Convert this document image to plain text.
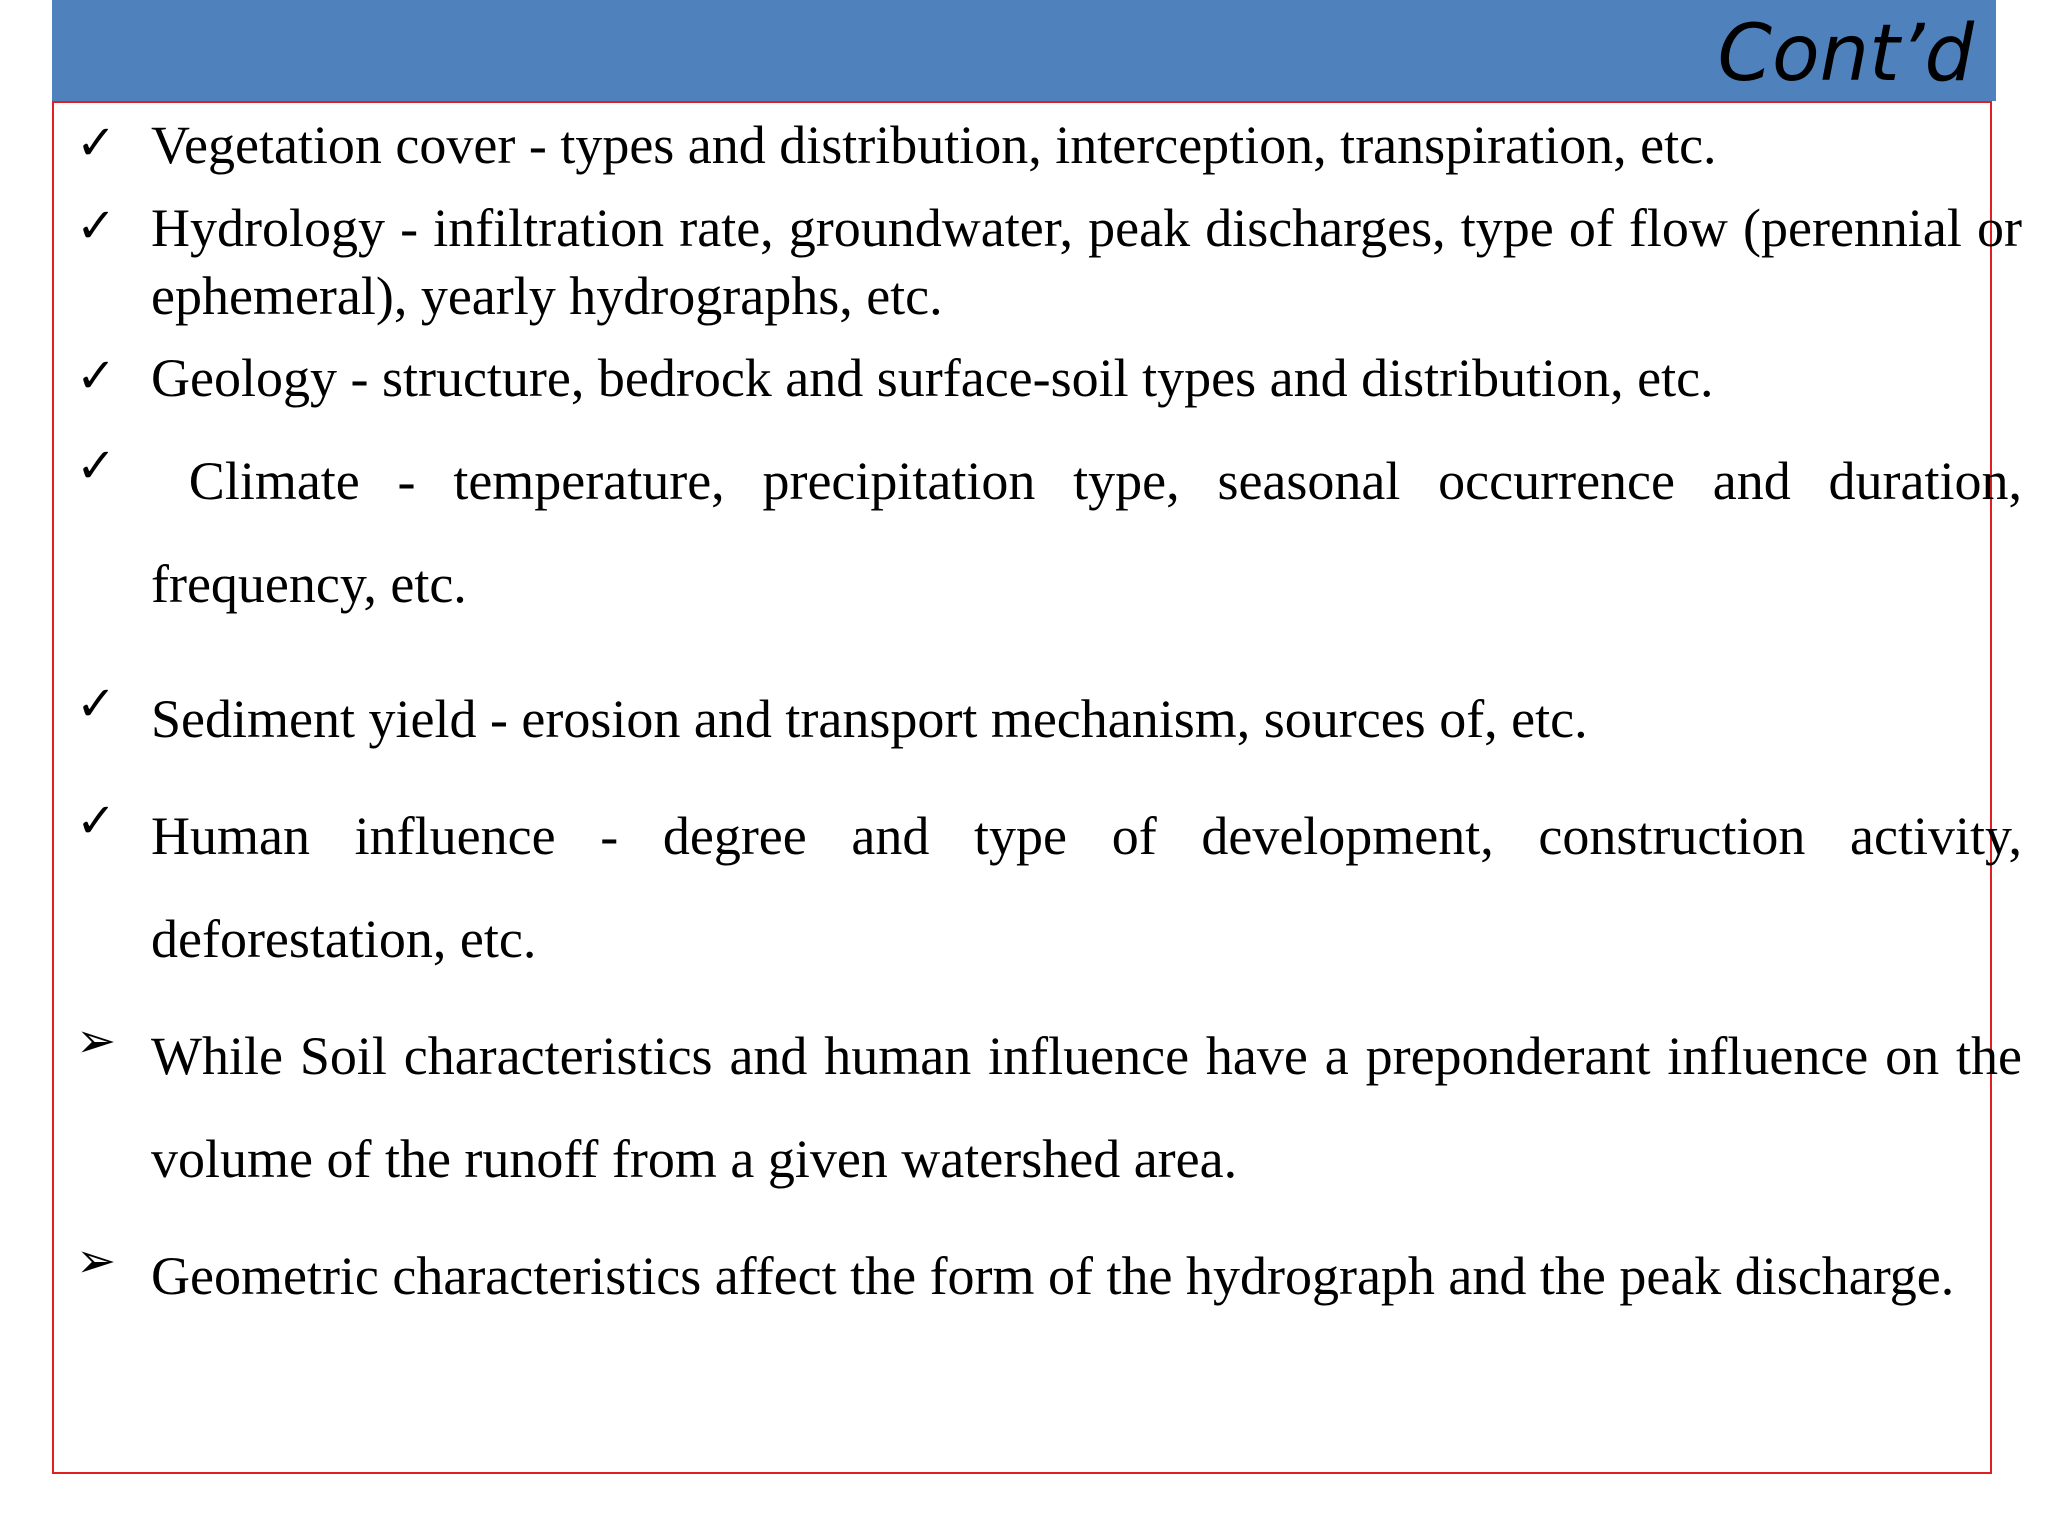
Cont’d
✓ Vegetation cover - types and distribution, interception, transpiration, etc.

✓ Hydrology - infiltration rate, groundwater, peak discharges, type of flow (perennial or ephemeral), yearly hydrographs, etc.

✓ Geology - structure, bedrock and surface-soil types and distribution, etc.

✓ Climate - temperature, precipitation type, seasonal occurrence and duration, frequency, etc.

✓ Sediment yield - erosion and transport mechanism, sources of, etc.

✓ Human influence - degree and type of development, construction activity, deforestation, etc.

➢ While Soil characteristics and human influence have a preponderant influence on the volume of the runoff from a given watershed area.

➢ Geometric characteristics affect the form of the hydrograph and the peak discharge.
